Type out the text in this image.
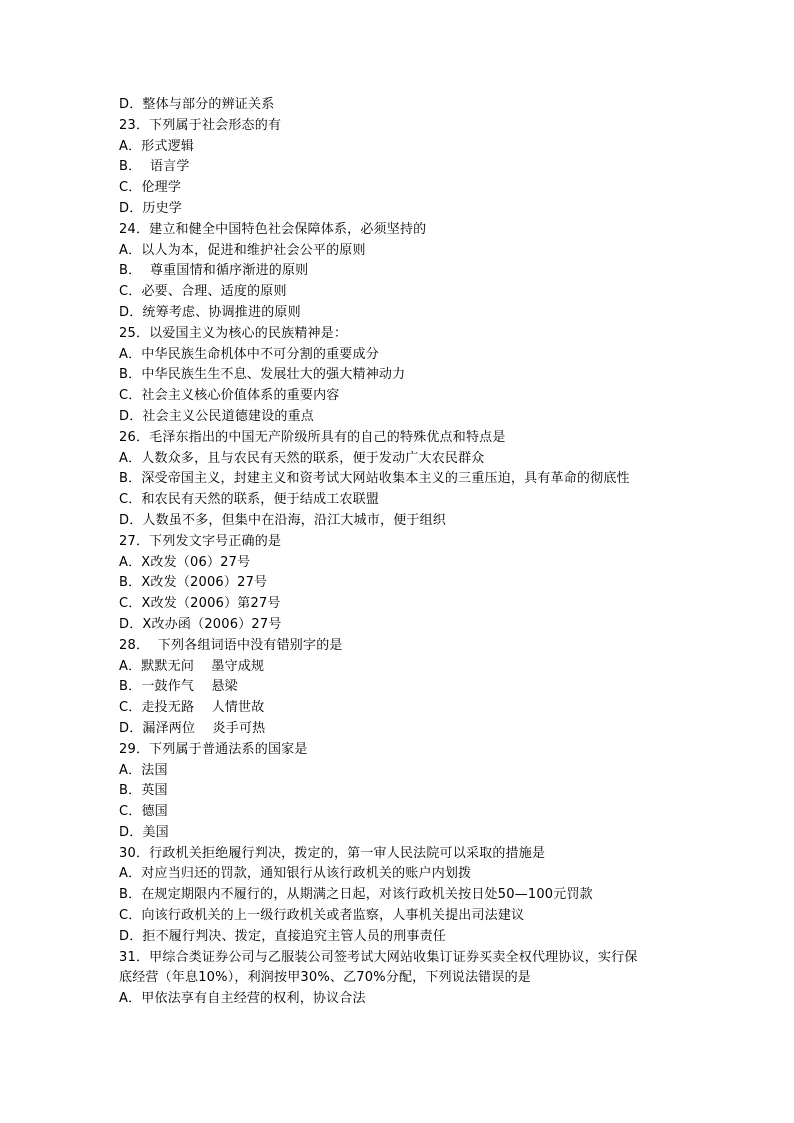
D．整体与部分的辨证关系
23．下列属于社会形态的有
A．形式逻辑
B．  语言学
C．伦理学
D．历史学
24．建立和健全中国特色社会保障体系，必须坚持的
A．以人为本，促进和维护社会公平的原则
B．  尊重国情和循序渐进的原则
C．必要、合理、适度的原则
D．统筹考虑、协调推进的原则
25．以爱国主义为核心的民族精神是：
A．中华民族生命机体中不可分割的重要成分
B．中华民族生生不息、发展壮大的强大精神动力
C．社会主义核心价值体系的重要内容
D．社会主义公民道德建设的重点
26．毛泽东指出的中国无产阶级所具有的自己的特殊优点和特点是
A．人数众多，且与农民有天然的联系，便于发动广大农民群众
B．深受帝国主义，封建主义和资考试大网站收集本主义的三重压迫，具有革命的彻底性
C．和农民有天然的联系，便于结成工农联盟
D．人数虽不多，但集中在沿海，沿江大城市，便于组织
27．下列发文字号正确的是
A．X改发（06）27号
B．X改发（2006）27号
C．X改发（2006）第27号
D．X改办函（2006）27号
28．  下列各组词语中没有错别字的是
A．默默无问    墨守成规
B．一鼓作气    悬梁
C．走投无路    人情世故
D．漏泽两位    炎手可热
29．下列属于普通法系的国家是
A．法国
B．英国
C．德国
D．美国
30．行政机关拒绝履行判决，拨定的，第一审人民法院可以采取的措施是
A．对应当归还的罚款，通知银行从该行政机关的账户内划拨
B．在规定期限内不履行的，从期满之日起，对该行政机关按日处50—100元罚款
C．向该行政机关的上一级行政机关或者监察，人事机关提出司法建议
D．拒不履行判决、拨定，直接追究主管人员的刑事责任
31．甲综合类证券公司与乙服装公司签考试大网站收集订证券买卖全权代理协议，实行保
底经营（年息10%），利润按甲30%、乙70%分配，下列说法错误的是
A．甲依法享有自主经营的权利，协议合法
